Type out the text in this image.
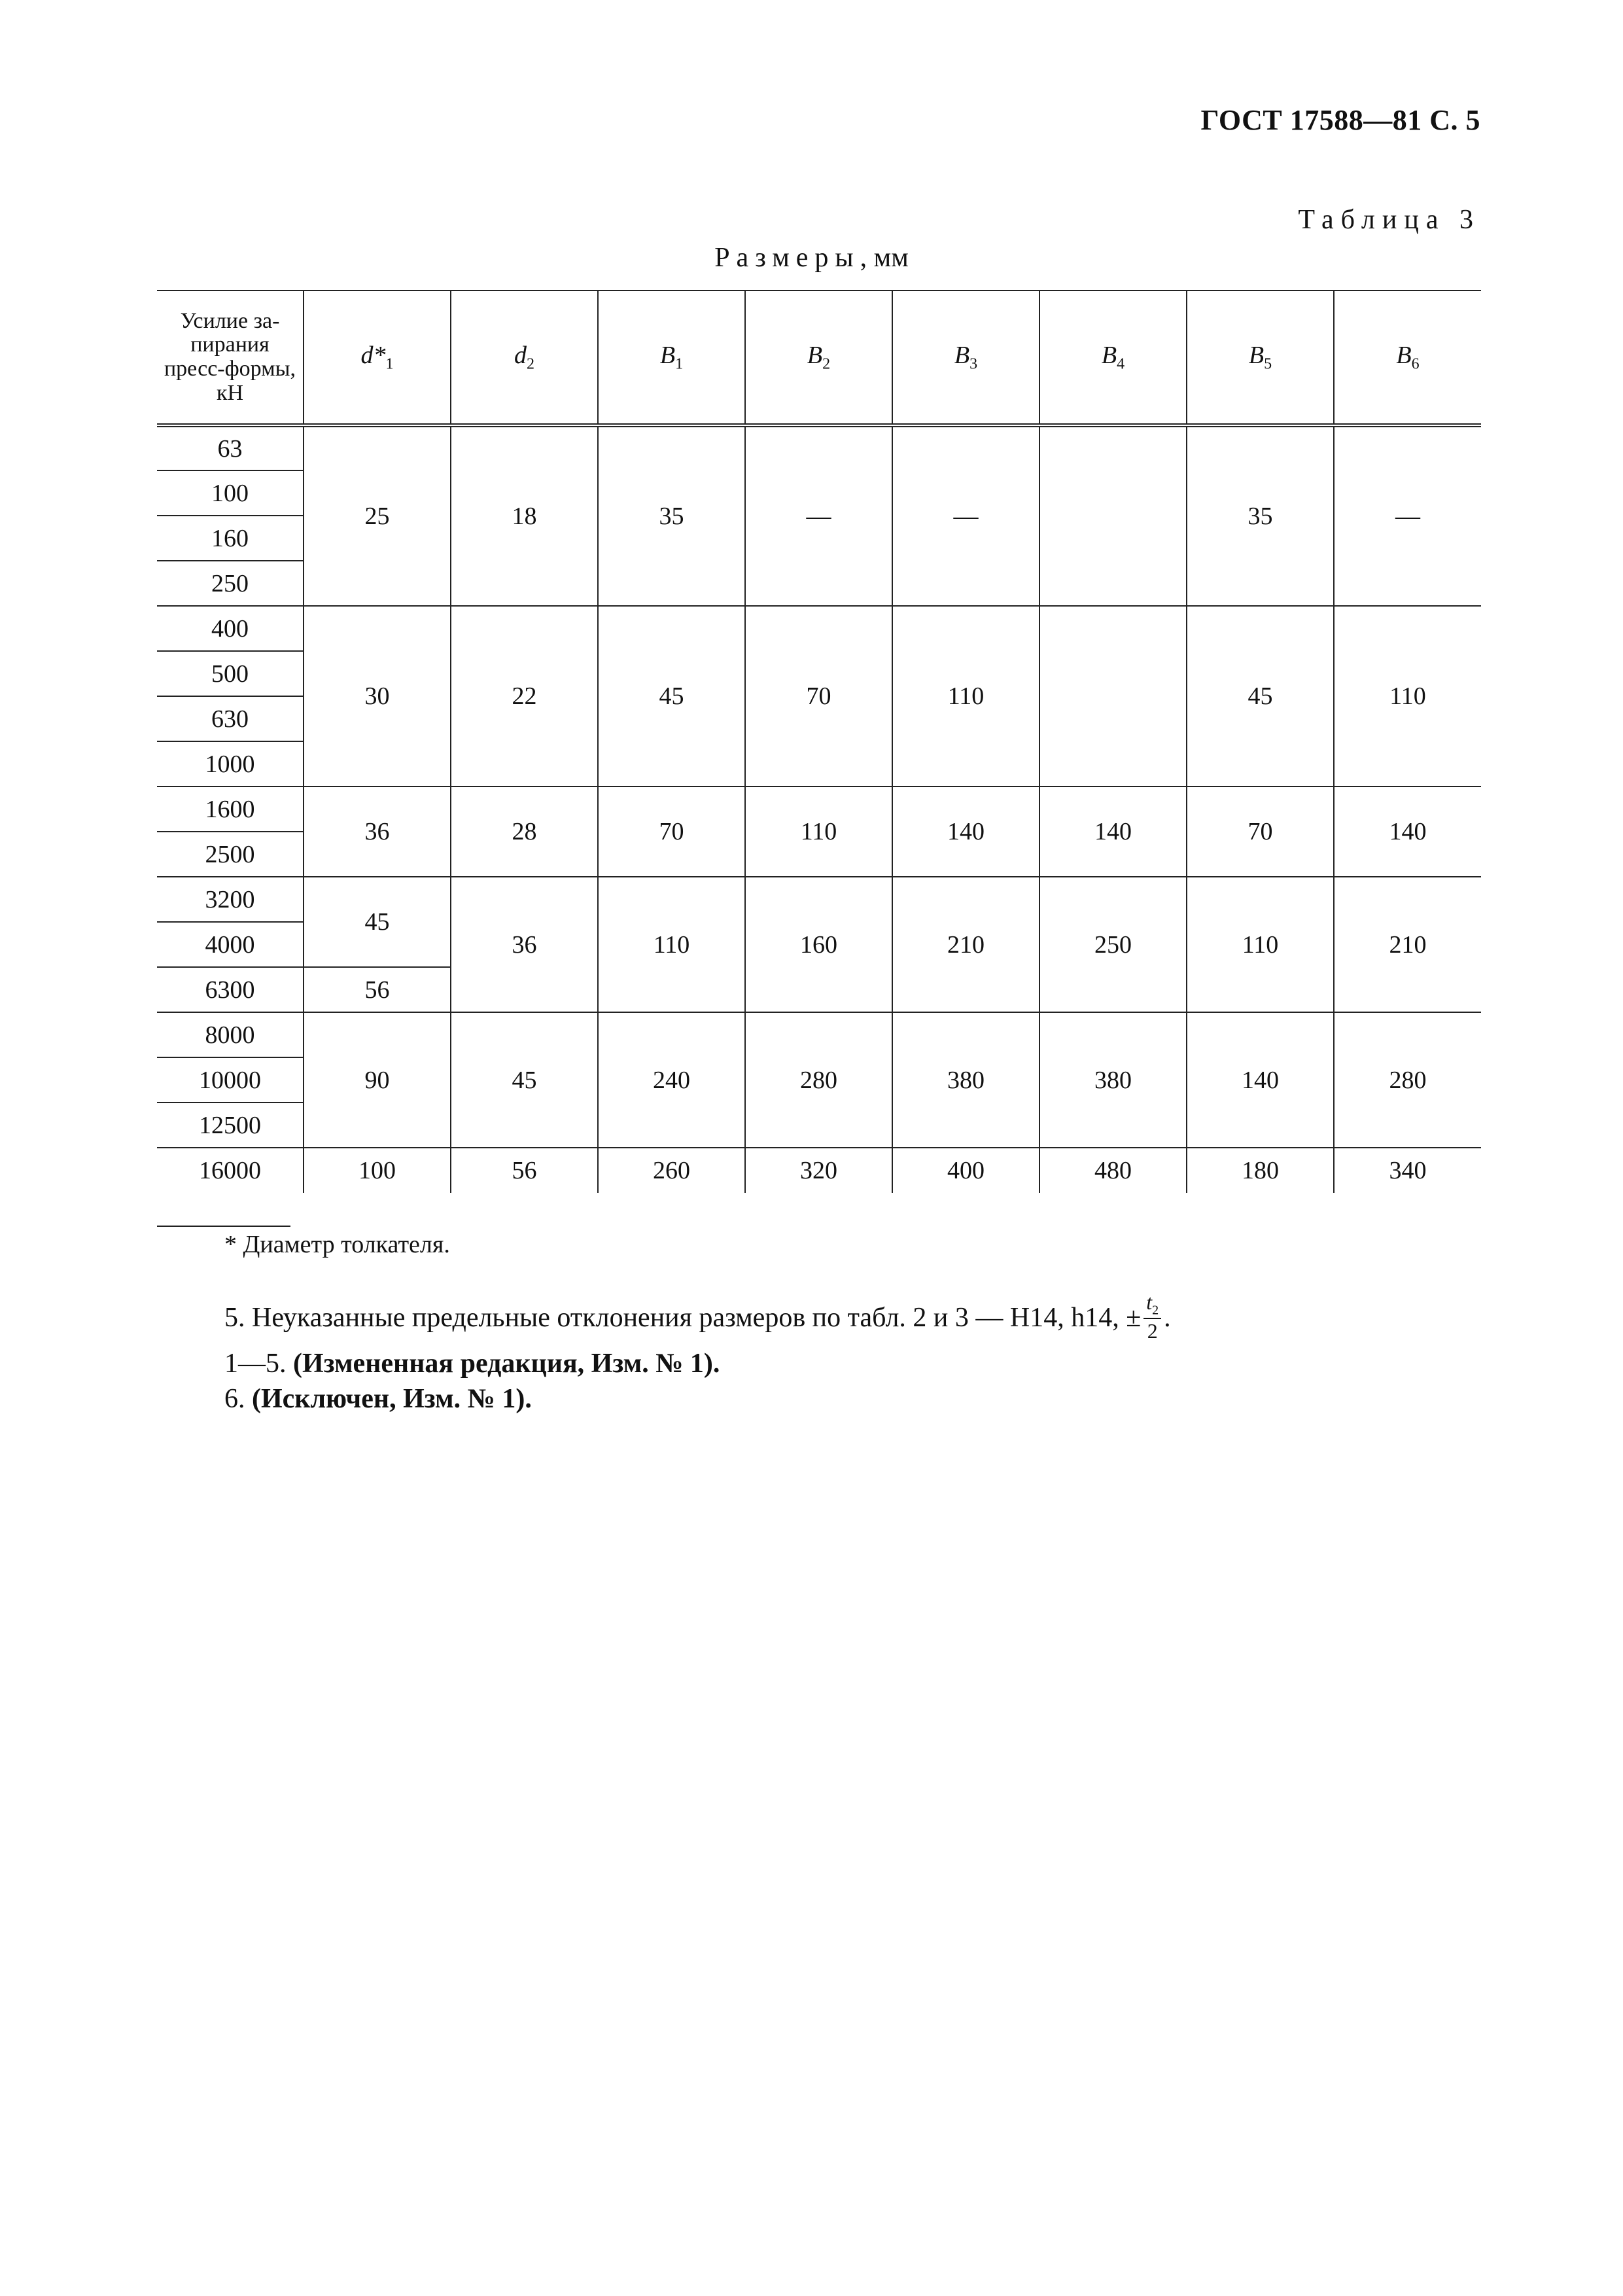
ГОСТ 17588—81 С. 5
Таблица 3
Размеры, мм
Усилие за-пирания пресс-формы, кН	$d*_1$	$d_2$	$B_1$	$B_2$	$B_3$	$B_4$	$B_5$	$B_6$
63	25	18	35	—	—		35	—
100								
160								
250								
400	30	22	45	70	110		45	110
500								
630								
1000								
1600	36	28	70	110	140	140	70	140
2500								
3200	45	36	110	160	210	250	110	210
4000								
6300	56							
8000	90	45	240	280	380	380	140	280
10000								
12500								
16000	100	56	260	320	400	480	180	340
* Диаметр толкателя.
5. Неуказанные предельные отклонения размеров по табл. 2 и 3 — Н14, h14, ± $\frac{t_2}{2}$ .
1—5. (Измененная редакция, Изм. № 1).
6. (Исключен, Изм. № 1).
